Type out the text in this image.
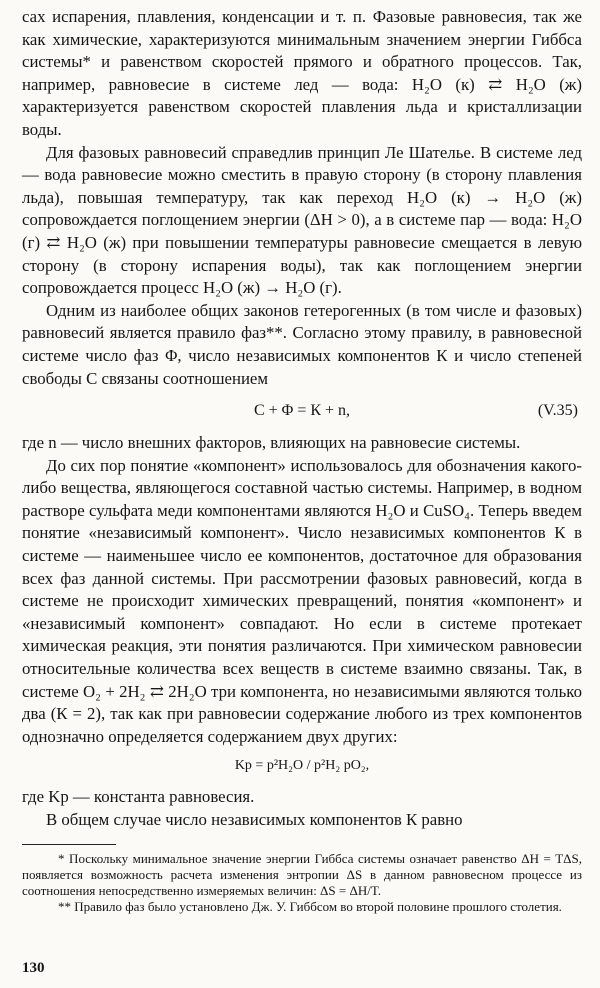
сах испарения, плавления, конденсации и т. п. Фазовые равновесия, так же как химические, характеризуются минимальным значением энергии Гиббса системы* и равенством скоростей прямого и обратного процессов. Так, например, равновесие в системе лед — вода: H₂O (к) ⇄ H₂O (ж) характеризуется равенством скоростей плавления льда и кристаллизации воды.

Для фазовых равновесий справедлив принцип Ле Шателье. В системе лед — вода равновесие можно сместить в правую сторону (в сторону плавления льда), повышая температуру, так как переход H₂O (к) → H₂O (ж) сопровождается поглощением энергии (ΔH > 0), а в системе пар — вода: H₂O (г) ⇄ H₂O (ж) при повышении температуры равновесие смещается в левую сторону (в сторону испарения воды), так как поглощением энергии сопровождается процесс H₂O (ж) → H₂O (г).

Одним из наиболее общих законов гетерогенных (в том числе и фазовых) равновесий является правило фаз**. Согласно этому правилу, в равновесной системе число фаз Φ, число независимых компонентов К и число степеней свободы С связаны соотношением

С + Φ = К + n,	(V.35)

где n — число внешних факторов, влияющих на равновесие системы.

До сих пор понятие «компонент» использовалось для обозначения какого-либо вещества, являющегося составной частью системы. Например, в водном растворе сульфата меди компонентами являются H₂O и CuSO₄. Теперь введем понятие «независимый компонент». Число независимых компонентов К в системе — наименьшее число ее компонентов, достаточное для образования всех фаз данной системы. При рассмотрении фазовых равновесий, когда в системе не происходит химических превращений, понятия «компонент» и «независимый компонент» совпадают. Но если в системе протекает химическая реакция, эти понятия различаются. При химическом равновесии относительные количества всех веществ в системе взаимно связаны. Так, в системе O₂ + 2H₂ ⇄ 2H₂O три компонента, но независимыми являются только два (К = 2), так как при равновесии содержание любого из трех компонентов однозначно определяется содержанием двух других:

Kр = p²H₂O / p²H₂ pO₂,

где Kр — константа равновесия.

В общем случае число независимых компонентов К равно

* Поскольку минимальное значение энергии Гиббса системы означает равенство ΔH = TΔS, появляется возможность расчета изменения энтропии ΔS в данном равновесном процессе из соотношения непосредственно измеряемых величин: ΔS = ΔH/T.

** Правило фаз было установлено Дж. У. Гиббсом во второй половине прошлого столетия.

130
